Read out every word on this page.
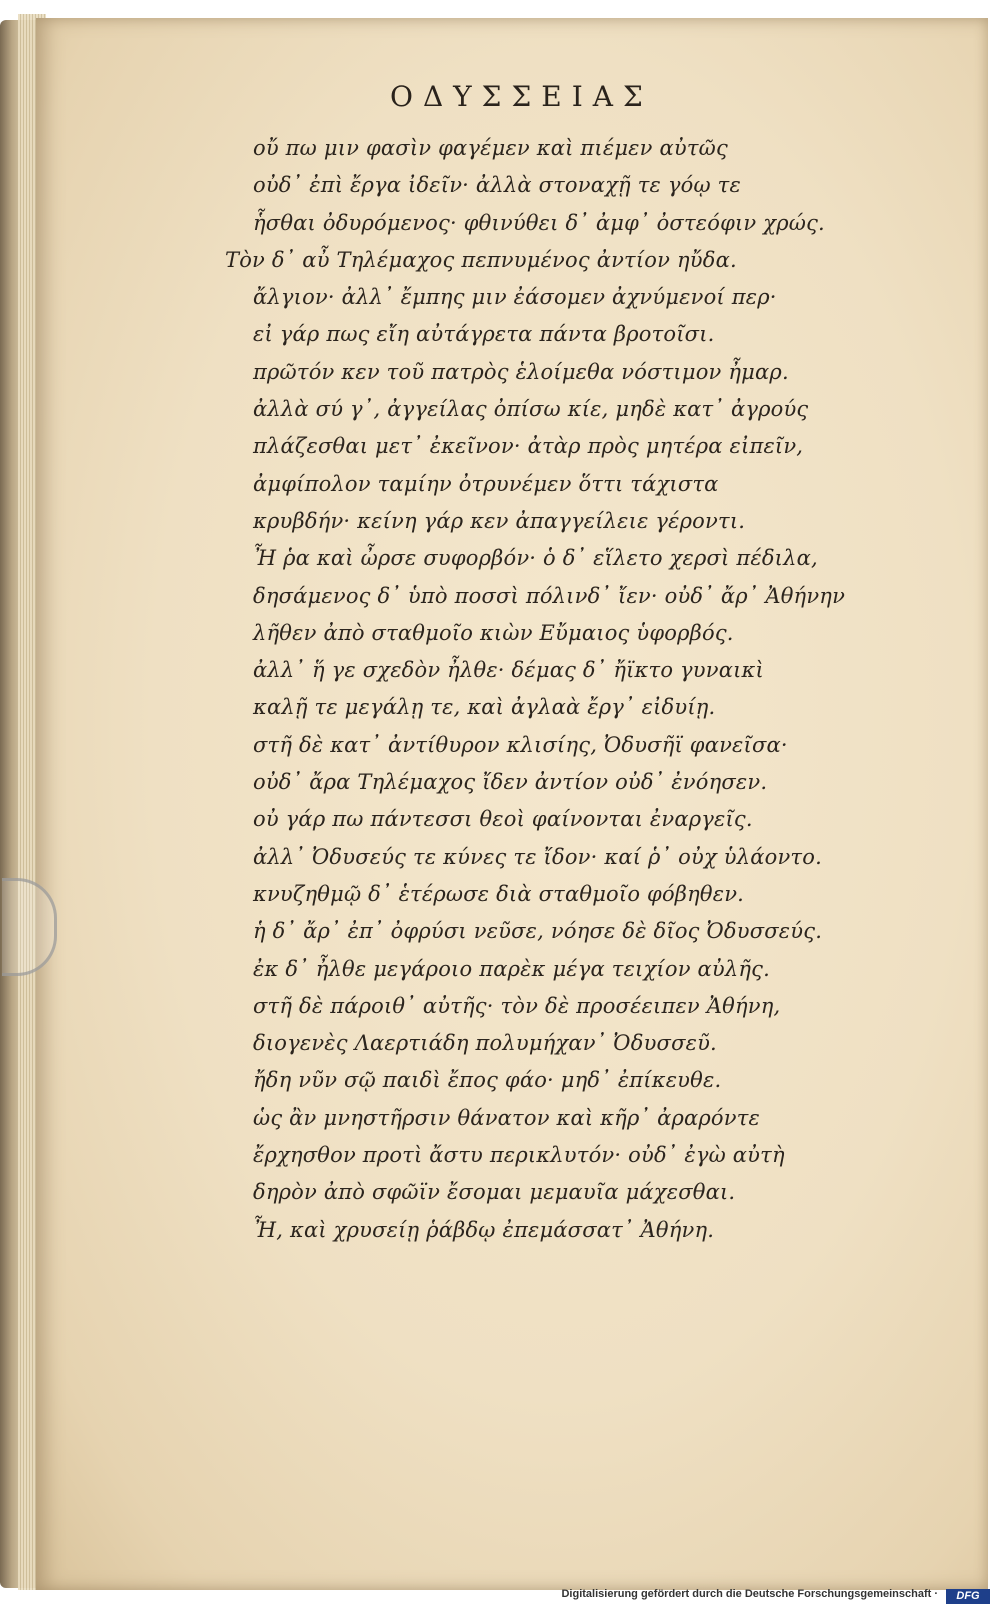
ΟΔΥΣΣΕΙΑΣ
οὔ πω μιν φασὶν φαγέμεν καὶ πιέμεν αὐτῶς
οὐδ᾽ ἐπὶ ἔργα ἰδεῖν· ἀλλὰ στοναχῇ τε γόῳ τε
ἧσθαι ὀδυρόμενος· φθινύθει δ᾽ ἀμφ᾽ ὀστεόφιν χρώς.
Τὸν δ᾽ αὖ Τηλέμαχος πεπνυμένος ἀντίον ηὔδα.
ἄλγιον· ἀλλ᾽ ἔμπης μιν ἐάσομεν ἀχνύμενοί περ·
εἰ γάρ πως εἴη αὐτάγρετα πάντα βροτοῖσι.
πρῶτόν κεν τοῦ πατρὸς ἑλοίμεθα νόστιμον ἦμαρ.
ἀλλὰ σύ γ᾽, ἀγγείλας ὀπίσω κίε, μηδὲ κατ᾽ ἀγρούς
πλάζεσθαι μετ᾽ ἐκεῖνον· ἀτὰρ πρὸς μητέρα εἰπεῖν,
ἀμφίπολον ταμίην ὀτρυνέμεν ὅττι τάχιστα
κρυβδήν· κείνη γάρ κεν ἀπαγγείλειε γέροντι.
Ἦ ῥα καὶ ὦρσε συφορβόν· ὁ δ᾽ εἵλετο χερσὶ πέδιλα,
δησάμενος δ᾽ ὑπὸ ποσσὶ πόλινδ᾽ ἴεν· οὐδ᾽ ἄρ᾽ Ἀθήνην
λῆθεν ἀπὸ σταθμοῖο κιὼν Εὔμαιος ὑφορβός.
ἀλλ᾽ ἥ γε σχεδὸν ἦλθε· δέμας δ᾽ ἤϊκτο γυναικὶ
καλῇ τε μεγάλῃ τε, καὶ ἀγλαὰ ἔργ᾽ εἰδυίῃ.
στῆ δὲ κατ᾽ ἀντίθυρον κλισίης, Ὀδυσῆϊ φανεῖσα·
οὐδ᾽ ἄρα Τηλέμαχος ἴδεν ἀντίον οὐδ᾽ ἐνόησεν.
οὐ γάρ πω πάντεσσι θεοὶ φαίνονται ἐναργεῖς.
ἀλλ᾽ Ὀδυσεύς τε κύνες τε ἴδον· καί ῥ᾽ οὐχ ὑλάοντο.
κνυζηθμῷ δ᾽ ἑτέρωσε διὰ σταθμοῖο φόβηθεν.
ἡ δ᾽ ἄρ᾽ ἐπ᾽ ὀφρύσι νεῦσε, νόησε δὲ δῖος Ὀδυσσεύς.
ἐκ δ᾽ ἦλθε μεγάροιο παρὲκ μέγα τειχίον αὐλῆς.
στῆ δὲ πάροιθ᾽ αὐτῆς· τὸν δὲ προσέειπεν Ἀθήνη,
διογενὲς Λαερτιάδη πολυμήχαν᾽ Ὀδυσσεῦ.
ἤδη νῦν σῷ παιδὶ ἔπος φάο· μηδ᾽ ἐπίκευθε.
ὡς ἂν μνηστῆρσιν θάνατον καὶ κῆρ᾽ ἀραρόντε
ἔρχησθον προτὶ ἄστυ περικλυτόν· οὐδ᾽ ἐγὼ αὐτὴ
δηρὸν ἀπὸ σφῶϊν ἔσομαι μεμαυῖα μάχεσθαι.
Ἦ, καὶ χρυσείῃ ῥάβδῳ ἐπεμάσσατ᾽ Ἀθήνη.
Digitalisierung gefördert durch die Deutsche Forschungsgemeinschaft ·	DFG
